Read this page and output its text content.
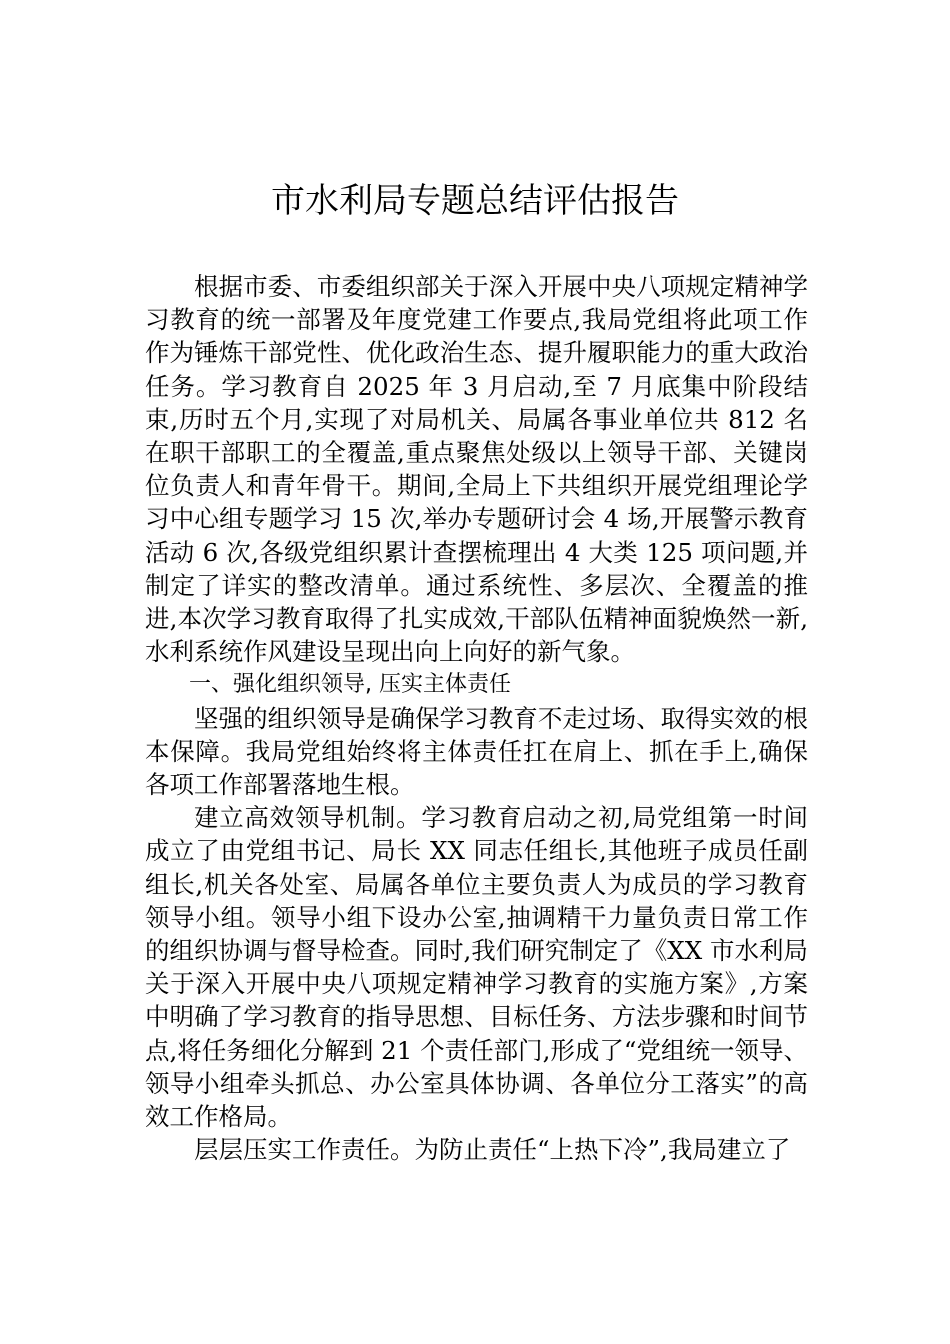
市水利局专题总结评估报告

根据市委、市委组织部关于深入开展中央八项规定精神学习教育的统一部署及年度党建工作要点,我局党组将此项工作作为锤炼干部党性、优化政治生态、提升履职能力的重大政治任务。学习教育自 2025 年 3 月启动,至 7 月底集中阶段结束,历时五个月,实现了对局机关、局属各事业单位共 812 名在职干部职工的全覆盖,重点聚焦处级以上领导干部、关键岗位负责人和青年骨干。期间,全局上下共组织开展党组理论学习中心组专题学习 15 次,举办专题研讨会 4 场,开展警示教育活动 6 次,各级党组织累计查摆梳理出 4 大类 125 项问题,并制定了详实的整改清单。通过系统性、多层次、全覆盖的推进,本次学习教育取得了扎实成效,干部队伍精神面貌焕然一新,水利系统作风建设呈现出向上向好的新气象。

一、强化组织领导, 压实主体责任

坚强的组织领导是确保学习教育不走过场、取得实效的根本保障。我局党组始终将主体责任扛在肩上、抓在手上,确保各项工作部署落地生根。

建立高效领导机制。学习教育启动之初,局党组第一时间成立了由党组书记、局长 XX 同志任组长,其他班子成员任副组长,机关各处室、局属各单位主要负责人为成员的学习教育领导小组。领导小组下设办公室,抽调精干力量负责日常工作的组织协调与督导检查。同时,我们研究制定了《XX 市水利局关于深入开展中央八项规定精神学习教育的实施方案》,方案中明确了学习教育的指导思想、目标任务、方法步骤和时间节点,将任务细化分解到 21 个责任部门,形成了“党组统一领导、领导小组牵头抓总、办公室具体协调、各单位分工落实”的高效工作格局。

层层压实工作责任。为防止责任“上热下冷”,我局建立了
